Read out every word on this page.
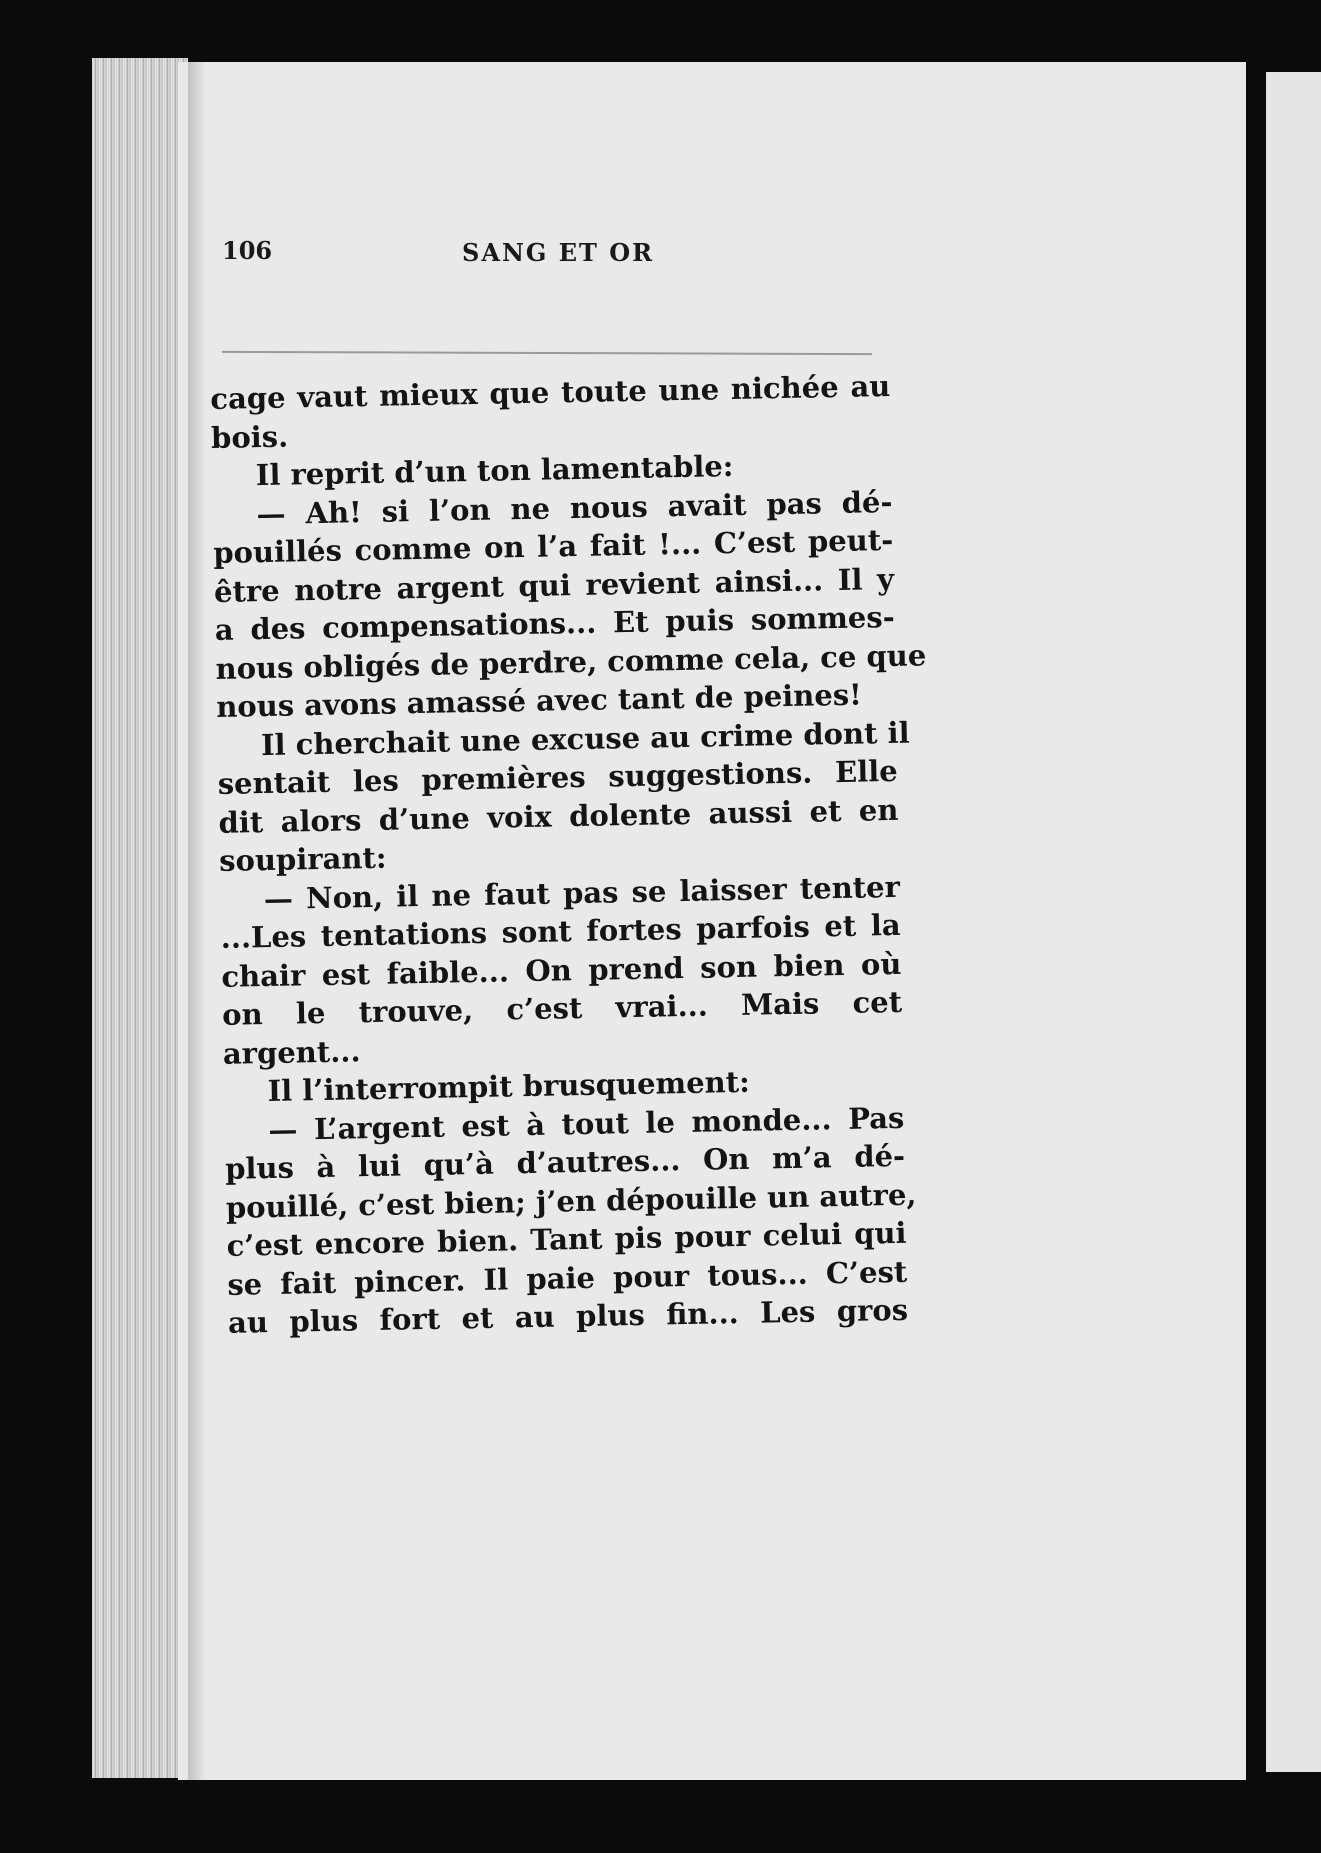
106	SANG ET OR
cage vaut mieux que toute une nichée au
bois.
Il reprit d’un ton lamentable:
— Ah! si l’on ne nous avait pas dé-
pouillés comme on l’a fait !... C’est peut-
être notre argent qui revient ainsi... Il y
a des compensations... Et puis sommes-
nous obligés de perdre, comme cela, ce que
nous avons amassé avec tant de peines!
Il cherchait une excuse au crime dont il
sentait les premières suggestions. Elle
dit alors d’une voix dolente aussi et en
soupirant:
— Non, il ne faut pas se laisser tenter
...Les tentations sont fortes parfois et la
chair est faible... On prend son bien où
on le trouve, c’est vrai... Mais cet
argent...
Il l’interrompit brusquement:
— L’argent est à tout le monde... Pas
plus à lui qu’à d’autres... On m’a dé-
pouillé, c’est bien; j’en dépouille un autre,
c’est encore bien. Tant pis pour celui qui
se fait pincer. Il paie pour tous... C’est
au plus fort et au plus fin... Les gros
